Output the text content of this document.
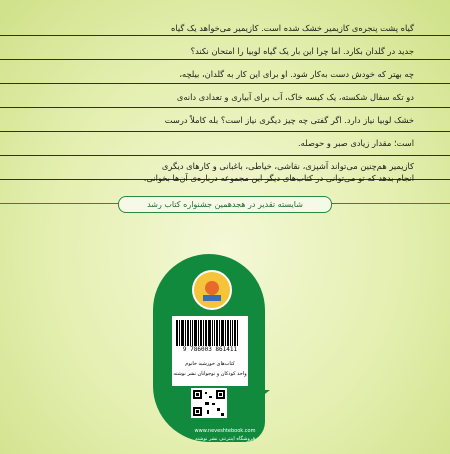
گیاه پشت پنجره‌ی کازیمیر خشک شده است. کازیمیر می‌خواهد یک گیاه
جدید در گلدان بکارد. اما چرا این بار یک گیاه لوبیا را امتحان نکند؟
چه بهتر که خودش دست به‌کار شود. او برای این کار به گلدان، بیلچه،
دو تکه سفال شکسته، یک کیسه خاک، آب برای آبیاری و تعدادی دانه‌ی
خشک لوبیا نیاز دارد. اگر گفتی چه چیز دیگری نیاز است؟ بله کاملاً درست
است؛ مقدار زیادی صبر و حوصله.
کازیمیر هم‌چنین می‌تواند آشپزی، نقاشی، خیاطی، باغبانی و کارهای دیگری
انجام بدهد که تو می‌توانی در کتاب‌های دیگر این مجموعه درباره‌ی آن‌ها بخوانی.
شایسته تقدیر در هجدهمین جشنواره کتاب رشد
9 786003 861411
کتاب‌های خورشید خانوم
واحد کودکان و نوجوانان نشر نوشته
www.neveshtebook.com
فروشگاه اینترنتی نشر نوشته
